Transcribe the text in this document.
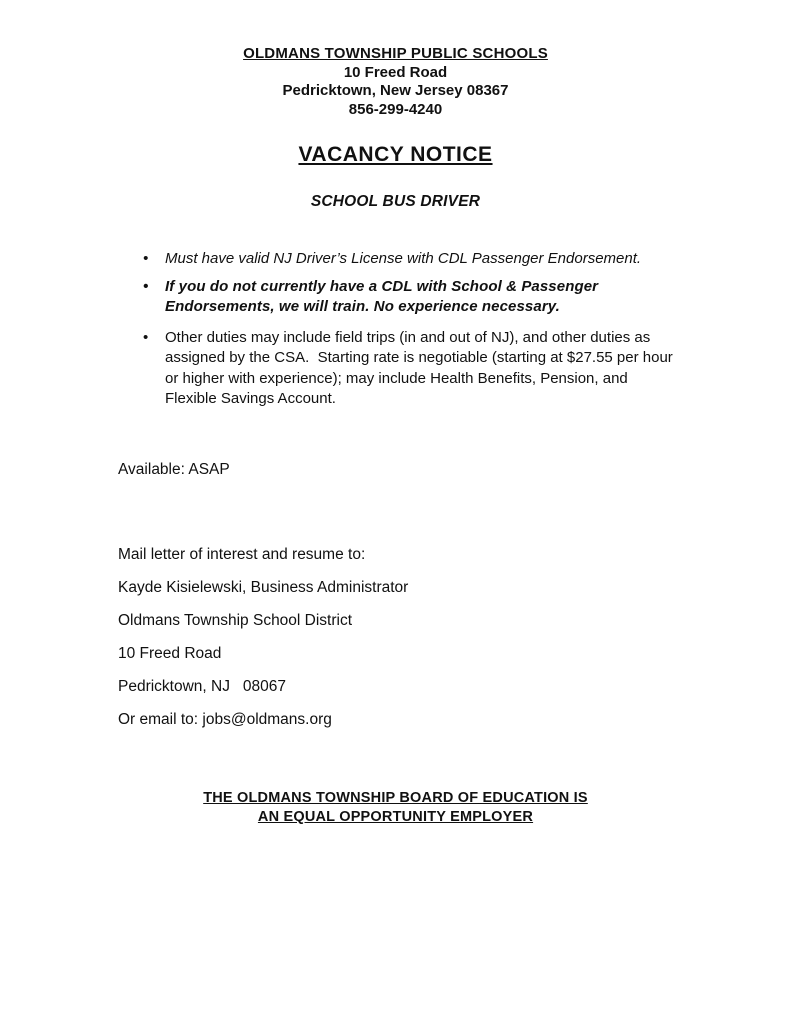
OLDMANS TOWNSHIP PUBLIC SCHOOLS
10 Freed Road
Pedricktown, New Jersey 08367
856-299-4240
VACANCY NOTICE
SCHOOL BUS DRIVER
• Must have valid NJ Driver’s License with CDL Passenger Endorsement.
• If you do not currently have a CDL with School & Passenger Endorsements, we will train. No experience necessary.
• Other duties may include field trips (in and out of NJ), and other duties as assigned by the CSA.  Starting rate is negotiable (starting at $27.55 per hour or higher with experience); may include Health Benefits, Pension, and Flexible Savings Account.
Available: ASAP
Mail letter of interest and resume to:
Kayde Kisielewski, Business Administrator
Oldmans Township School District
10 Freed Road
Pedricktown, NJ   08067
Or email to: jobs@oldmans.org
THE OLDMANS TOWNSHIP BOARD OF EDUCATION IS
AN EQUAL OPPORTUNITY EMPLOYER
